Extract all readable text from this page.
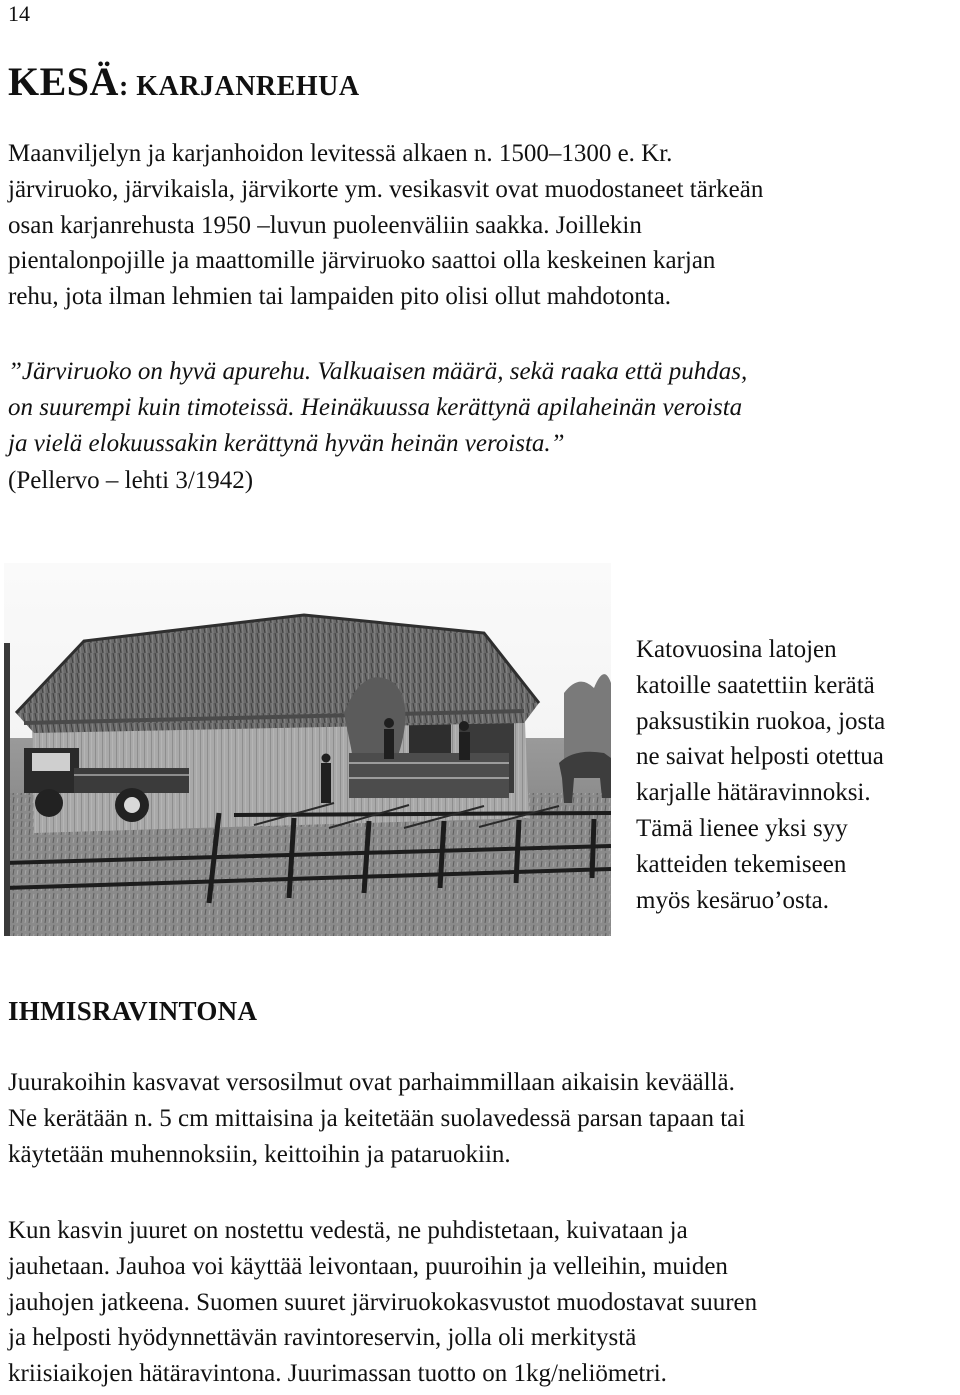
14
KESÄ: KARJANREHUA
Maanviljelyn ja karjanhoidon levitessä alkaen n. 1500–1300 e. Kr.
järviruoko, järvikaisla, järvikorte ym. vesikasvit ovat muodostaneet tärkeän
osan karjanrehusta 1950 –luvun puoleenväliin saakka. Joillekin
pientalonpojille ja maattomille järviruoko saattoi olla keskeinen karjan
rehu, jota ilman lehmien tai lampaiden pito olisi ollut mahdotonta.
”Järviruoko on hyvä apurehu. Valkuaisen määrä, sekä raaka että puhdas,
on suurempi kuin timoteissä. Heinäkuussa kerättynä apilaheinän veroista
ja vielä elokuussakin kerättynä hyvän heinän veroista.”
(Pellervo – lehti 3/1942)
Katovuosina latojen
katoille saatettiin kerätä
paksustikin ruokoa, josta
ne saivat helposti otettua
karjalle hätäravinnoksi.
Tämä lienee yksi syy
katteiden tekemiseen
myös kesäruo’osta.
IHMISRAVINTONA
Juurakoihin kasvavat versosilmut ovat parhaimmillaan aikaisin keväällä.
Ne kerätään n. 5 cm mittaisina ja keitetään suolavedessä parsan tapaan tai
käytetään muhennoksiin, keittoihin ja pataruokiin.
Kun kasvin juuret on nostettu vedestä, ne puhdistetaan, kuivataan ja
jauhetaan. Jauhoa voi käyttää leivontaan, puuroihin ja velleihin, muiden
jauhojen jatkeena. Suomen suuret järviruokokasvustot muodostavat suuren
ja helposti hyödynnettävän ravintoreservin, jolla oli merkitystä
kriisiaikojen hätäravintona. Juurimassan tuotto on 1kg/neliömetri.
